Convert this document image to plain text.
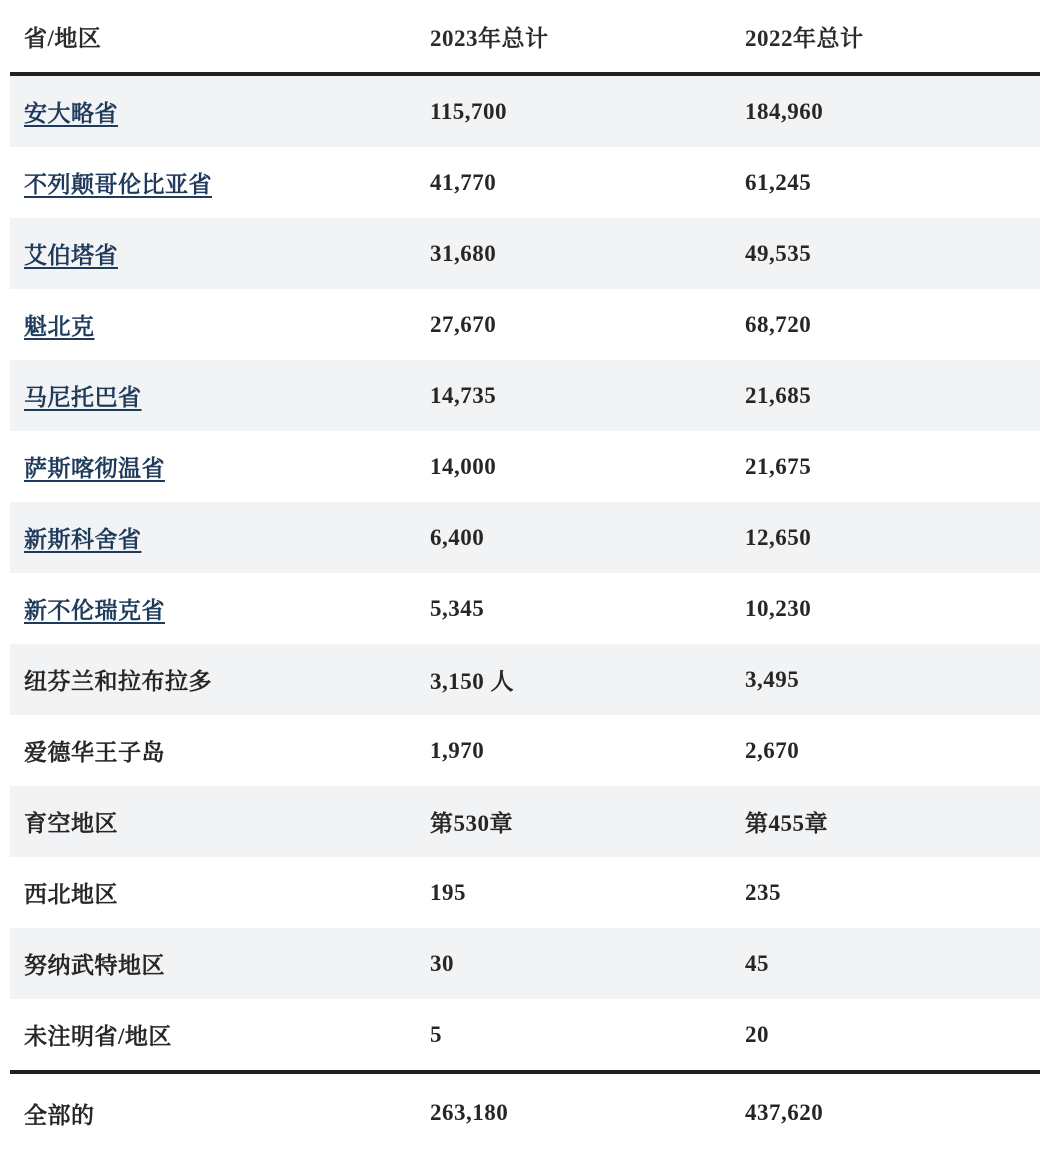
省/地区	2023年总计	2022年总计
安大略省	115,700	184,960
不列颠哥伦比亚省	41,770	61,245
艾伯塔省	31,680	49,535
魁北克	27,670	68,720
马尼托巴省	14,735	21,685
萨斯喀彻温省	14,000	21,675
新斯科舍省	6,400	12,650
新不伦瑞克省	5,345	10,230
纽芬兰和拉布拉多	3,150 人	3,495
爱德华王子岛	1,970	2,670
育空地区	第530章	第455章
西北地区	195	235
努纳武特地区	30	45
未注明省/地区	5	20
全部的	263,180	437,620
